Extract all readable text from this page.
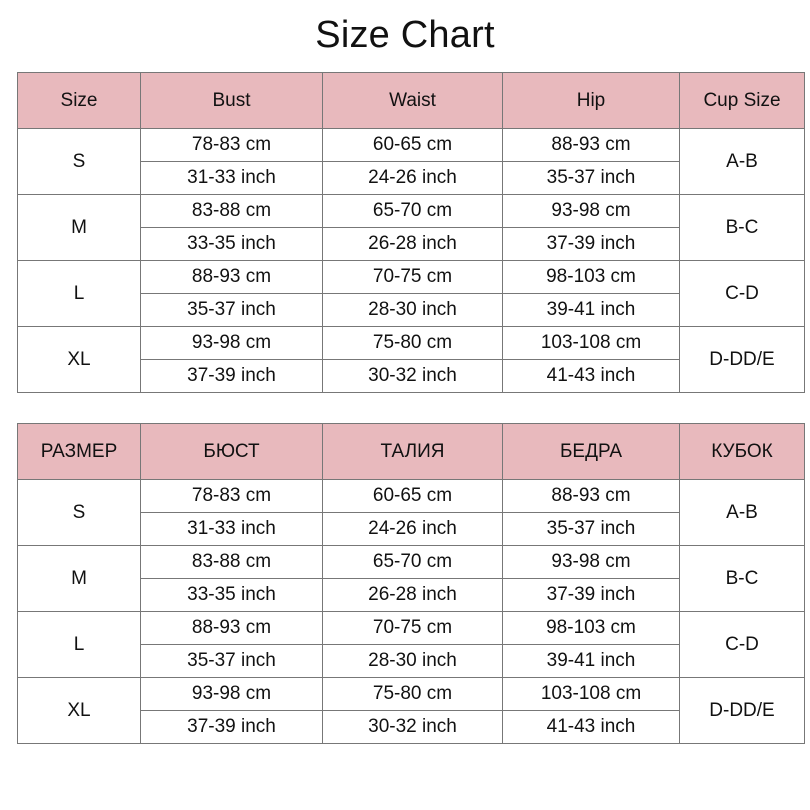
Size Chart
Size	Bust	Waist	Hip	Cup Size
S	78-83 cm	60-65 cm	88-93 cm	A-B
	31-33 inch	24-26 inch	35-37 inch	
M	83-88 cm	65-70 cm	93-98 cm	B-C
	33-35 inch	26-28 inch	37-39 inch	
L	88-93 cm	70-75 cm	98-103 cm	C-D
	35-37 inch	28-30 inch	39-41 inch	
XL	93-98 cm	75-80 cm	103-108 cm	D-DD/E
	37-39 inch	30-32 inch	41-43 inch	
РАЗМЕР	БЮСТ	ТАЛИЯ	БЕДРА	КУБОК
S	78-83 cm	60-65 cm	88-93 cm	A-B
	31-33 inch	24-26 inch	35-37 inch	
M	83-88 cm	65-70 cm	93-98 cm	B-C
	33-35 inch	26-28 inch	37-39 inch	
L	88-93 cm	70-75 cm	98-103 cm	C-D
	35-37 inch	28-30 inch	39-41 inch	
XL	93-98 cm	75-80 cm	103-108 cm	D-DD/E
	37-39 inch	30-32 inch	41-43 inch	
